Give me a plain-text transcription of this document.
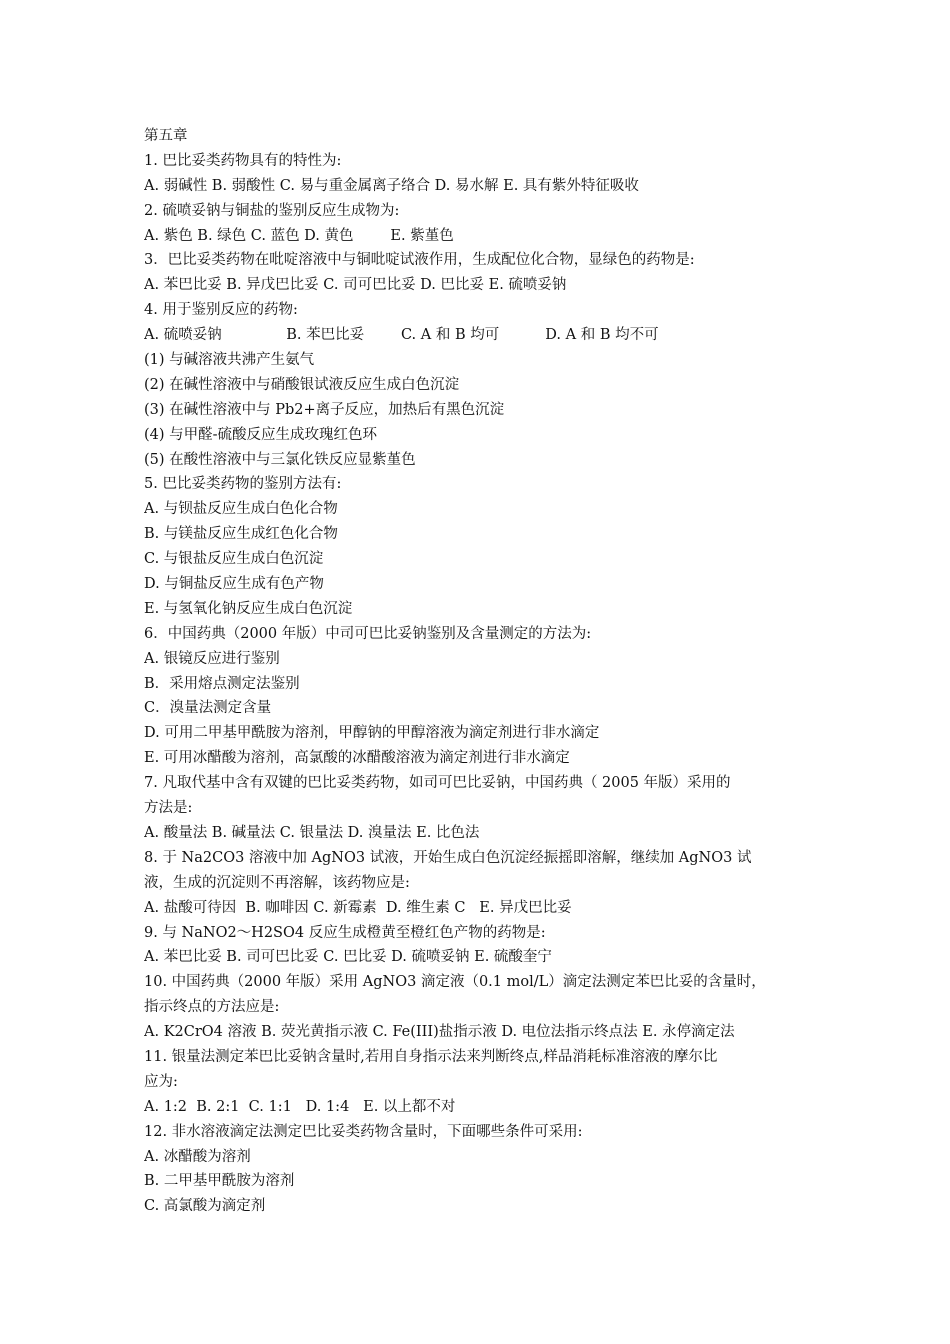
第五章
1. 巴比妥类药物具有的特性为:
A. 弱碱性 B. 弱酸性 C. 易与重金属离子络合 D. 易水解 E. 具有紫外特征吸收
2. 硫喷妥钠与铜盐的鉴别反应生成物为:
A. 紫色 B. 绿色 C. 蓝色 D. 黄色        E. 紫堇色
3．巴比妥类药物在吡啶溶液中与铜吡啶试液作用，生成配位化合物，显绿色的药物是:
A. 苯巴比妥 B. 异戊巴比妥 C. 司可巴比妥 D. 巴比妥 E. 硫喷妥钠
4. 用于鉴别反应的药物:
A. 硫喷妥钠              B. 苯巴比妥        C. A 和 B 均可          D. A 和 B 均不可
(1) 与碱溶液共沸产生氨气
(2) 在碱性溶液中与硝酸银试液反应生成白色沉淀
(3) 在碱性溶液中与 Pb2+离子反应，加热后有黑色沉淀
(4) 与甲醛-硫酸反应生成玫瑰红色环
(5) 在酸性溶液中与三氯化铁反应显紫堇色
5. 巴比妥类药物的鉴别方法有:
A. 与钡盐反应生成白色化合物
B. 与镁盐反应生成红色化合物
C. 与银盐反应生成白色沉淀
D. 与铜盐反应生成有色产物
E. 与氢氧化钠反应生成白色沉淀
6．中国药典（2000 年版）中司可巴比妥钠鉴别及含量测定的方法为:
A. 银镜反应进行鉴别
B．采用熔点测定法鉴别
C．溴量法测定含量
D. 可用二甲基甲酰胺为溶剂，甲醇钠的甲醇溶液为滴定剂进行非水滴定
E. 可用冰醋酸为溶剂，高氯酸的冰醋酸溶液为滴定剂进行非水滴定
7. 凡取代基中含有双键的巴比妥类药物，如司可巴比妥钠，中国药典（ 2005 年版）采用的
方法是:
A. 酸量法 B. 碱量法 C. 银量法 D. 溴量法 E. 比色法
8. 于 Na2CO3 溶液中加 AgNO3 试液，开始生成白色沉淀经振摇即溶解，继续加 AgNO3 试
液，生成的沉淀则不再溶解，该药物应是:
A. 盐酸可待因  B. 咖啡因 C. 新霉素  D. 维生素 C   E. 异戊巴比妥
9. 与 NaNO2～H2SO4 反应生成橙黄至橙红色产物的药物是:
A. 苯巴比妥 B. 司可巴比妥 C. 巴比妥 D. 硫喷妥钠 E. 硫酸奎宁
10. 中国药典（2000 年版）采用 AgNO3 滴定液（0.1 mol/L）滴定法测定苯巴比妥的含量时，
指示终点的方法应是:
A. K2CrO4 溶液 B. 荧光黄指示液 C. Fe(III)盐指示液 D. 电位法指示终点法 E. 永停滴定法
11. 银量法测定苯巴比妥钠含量时,若用自身指示法来判断终点,样品消耗标准溶液的摩尔比
应为:
A. 1:2  B. 2:1  C. 1:1   D. 1:4   E. 以上都不对
12. 非水溶液滴定法测定巴比妥类药物含量时，下面哪些条件可采用:
A. 冰醋酸为溶剂
B. 二甲基甲酰胺为溶剂
C. 高氯酸为滴定剂
